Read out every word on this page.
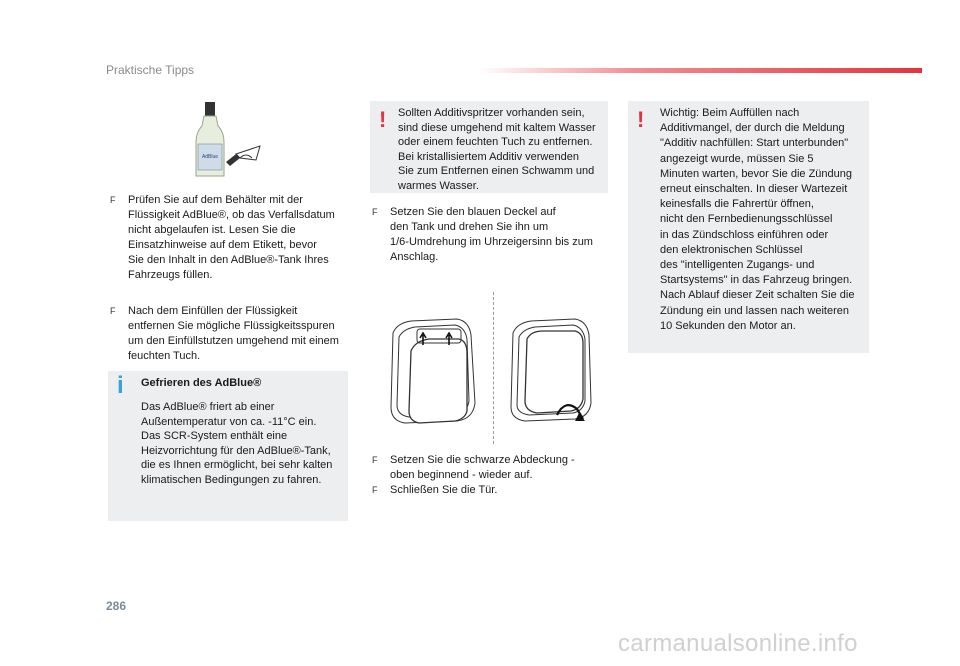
Praktische Tipps
AdBlue
F Prüfen Sie auf dem Behälter mit der
Flüssigkeit AdBlue®, ob das Verfallsdatum
nicht abgelaufen ist. Lesen Sie die
Einsatzhinweise auf dem Etikett, bevor
Sie den Inhalt in den AdBlue®-Tank Ihres
Fahrzeugs füllen.
F Nach dem Einfüllen der Flüssigkeit
entfernen Sie mögliche Flüssigkeitsspuren
um den Einfüllstutzen umgehend mit einem
feuchten Tuch.
i Gefrieren des AdBlue®
Das AdBlue® friert ab einer
Außentemperatur von ca. -11°C ein.
Das SCR-System enthält eine
Heizvorrichtung für den AdBlue®-Tank,
die es Ihnen ermöglicht, bei sehr kalten
klimatischen Bedingungen zu fahren.
! Sollten Additivspritzer vorhanden sein,
sind diese umgehend mit kaltem Wasser
oder einem feuchten Tuch zu entfernen.
Bei kristallisiertem Additiv verwenden
Sie zum Entfernen einen Schwamm und
warmes Wasser.
F Setzen Sie den blauen Deckel auf
den Tank und drehen Sie ihn um
1/6-Umdrehung im Uhrzeigersinn bis zum
Anschlag.
F Setzen Sie die schwarze Abdeckung -
oben beginnend - wieder auf.
F Schließen Sie die Tür.
! Wichtig: Beim Auffüllen nach
Additivmangel, der durch die Meldung
"Additiv nachfüllen: Start unterbunden"
angezeigt wurde, müssen Sie 5
Minuten warten, bevor Sie die Zündung
erneut einschalten. In dieser Wartezeit
keinesfalls die Fahrertür öffnen,
nicht den Fernbedienungsschlüssel
in das Zündschloss einführen oder
den elektronischen Schlüssel
des "intelligenten Zugangs- und
Startsystems" in das Fahrzeug bringen.
Nach Ablauf dieser Zeit schalten Sie die
Zündung ein und lassen nach weiteren
10 Sekunden den Motor an.
286
carmanualsonline.info
